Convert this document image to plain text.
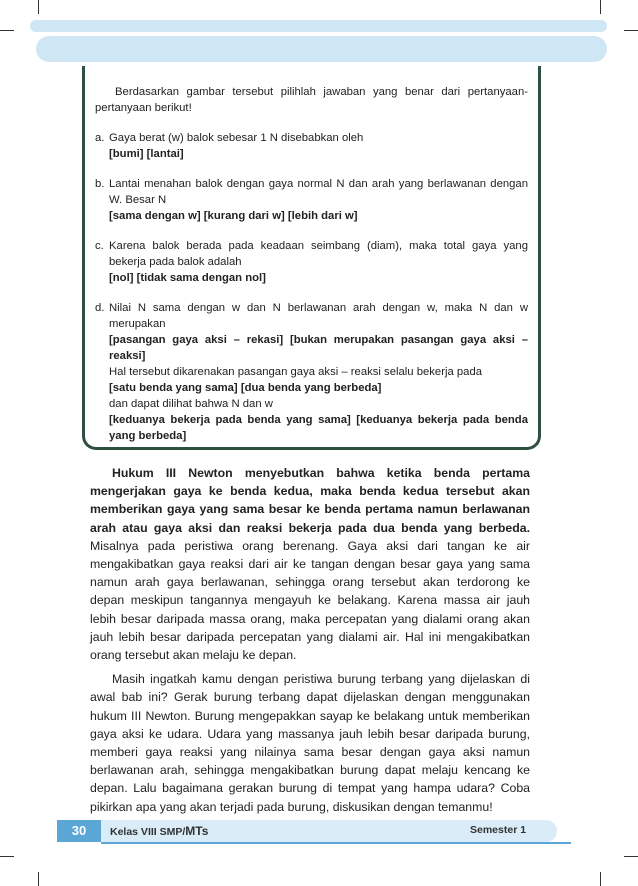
Berdasarkan gambar tersebut pilihlah jawaban yang benar dari pertanyaan-pertanyaan berikut!

a. Gaya berat (w) balok sebesar 1 N disebabkan oleh

[bumi] [lantai]

b. Lantai menahan balok dengan gaya normal N dan arah yang berlawanan dengan W. Besar N

[sama dengan w] [kurang dari w] [lebih dari w]

c. Karena balok berada pada keadaan seimbang (diam), maka total gaya yang bekerja pada balok adalah

[nol] [tidak sama dengan nol]

d. Nilai N sama dengan w dan N berlawanan arah dengan w, maka N dan w merupakan

[pasangan gaya aksi – rekasi] [bukan merupakan pasangan gaya aksi – reaksi]

Hal tersebut dikarenakan pasangan gaya aksi – reaksi selalu bekerja pada

[satu benda yang sama] [dua benda yang berbeda]

dan dapat dilihat bahwa N dan w

[keduanya bekerja pada benda yang sama] [keduanya bekerja pada benda yang berbeda]

Hukum III Newton menyebutkan bahwa ketika benda pertama mengerjakan gaya ke benda kedua, maka benda kedua tersebut akan memberikan gaya yang sama besar ke benda pertama namun berlawanan arah atau gaya aksi dan reaksi bekerja pada dua benda yang berbeda. Misalnya pada peristiwa orang berenang. Gaya aksi dari tangan ke air mengakibatkan gaya reaksi dari air ke tangan dengan besar gaya yang sama namun arah gaya berlawanan, sehingga orang tersebut akan terdorong ke depan meskipun tangannya mengayuh ke belakang. Karena massa air jauh lebih besar daripada massa orang, maka percepatan yang dialami orang akan jauh lebih besar daripada percepatan yang dialami air. Hal ini mengakibatkan orang tersebut akan melaju ke depan.

Masih ingatkah kamu dengan peristiwa burung terbang yang dijelaskan di awal bab ini? Gerak burung terbang dapat dijelaskan dengan menggunakan hukum III Newton. Burung mengepakkan sayap ke belakang untuk memberikan gaya aksi ke udara. Udara yang massanya jauh lebih besar daripada burung, memberi gaya reaksi yang nilainya sama besar dengan gaya aksi namun berlawanan arah, sehingga mengakibatkan burung dapat melaju kencang ke depan. Lalu bagaimana gerakan burung di tempat yang hampa udara? Coba pikirkan apa yang akan terjadi pada burung, diskusikan dengan temanmu!

30	Kelas VIII SMP/MTs	Semester 1
